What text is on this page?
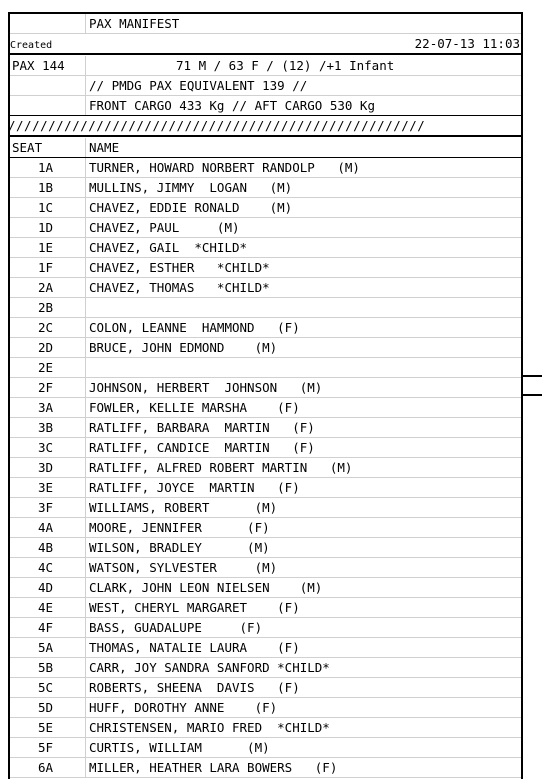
PAX MANIFEST
Created	22-07-13 11:03
PAX 144	71 M / 63 F / (12) /+1 Infant
// PMDG PAX EQUIVALENT 139 //
FRONT CARGO 433 Kg // AFT CARGO 530 Kg
////////////////////////////////////////////////////
SEAT	NAME
1A	TURNER, HOWARD NORBERT RANDOLP   (M)
1B	MULLINS, JIMMY  LOGAN   (M)
1C	CHAVEZ, EDDIE RONALD    (M)
1D	CHAVEZ, PAUL     (M)
1E	CHAVEZ, GAIL  *CHILD*
1F	CHAVEZ, ESTHER   *CHILD*
2A	CHAVEZ, THOMAS   *CHILD*
2B
2C	COLON, LEANNE  HAMMOND   (F)
2D	BRUCE, JOHN EDMOND    (M)
2E
2F	JOHNSON, HERBERT  JOHNSON   (M)
3A	FOWLER, KELLIE MARSHA    (F)
3B	RATLIFF, BARBARA  MARTIN   (F)
3C	RATLIFF, CANDICE  MARTIN   (F)
3D	RATLIFF, ALFRED ROBERT MARTIN   (M)
3E	RATLIFF, JOYCE  MARTIN   (F)
3F	WILLIAMS, ROBERT      (M)
4A	MOORE, JENNIFER      (F)
4B	WILSON, BRADLEY      (M)
4C	WATSON, SYLVESTER     (M)
4D	CLARK, JOHN LEON NIELSEN    (M)
4E	WEST, CHERYL MARGARET    (F)
4F	BASS, GUADALUPE     (F)
5A	THOMAS, NATALIE LAURA    (F)
5B	CARR, JOY SANDRA SANFORD *CHILD*
5C	ROBERTS, SHEENA  DAVIS   (F)
5D	HUFF, DOROTHY ANNE    (F)
5E	CHRISTENSEN, MARIO FRED  *CHILD*
5F	CURTIS, WILLIAM      (M)
6A	MILLER, HEATHER LARA BOWERS   (F)
